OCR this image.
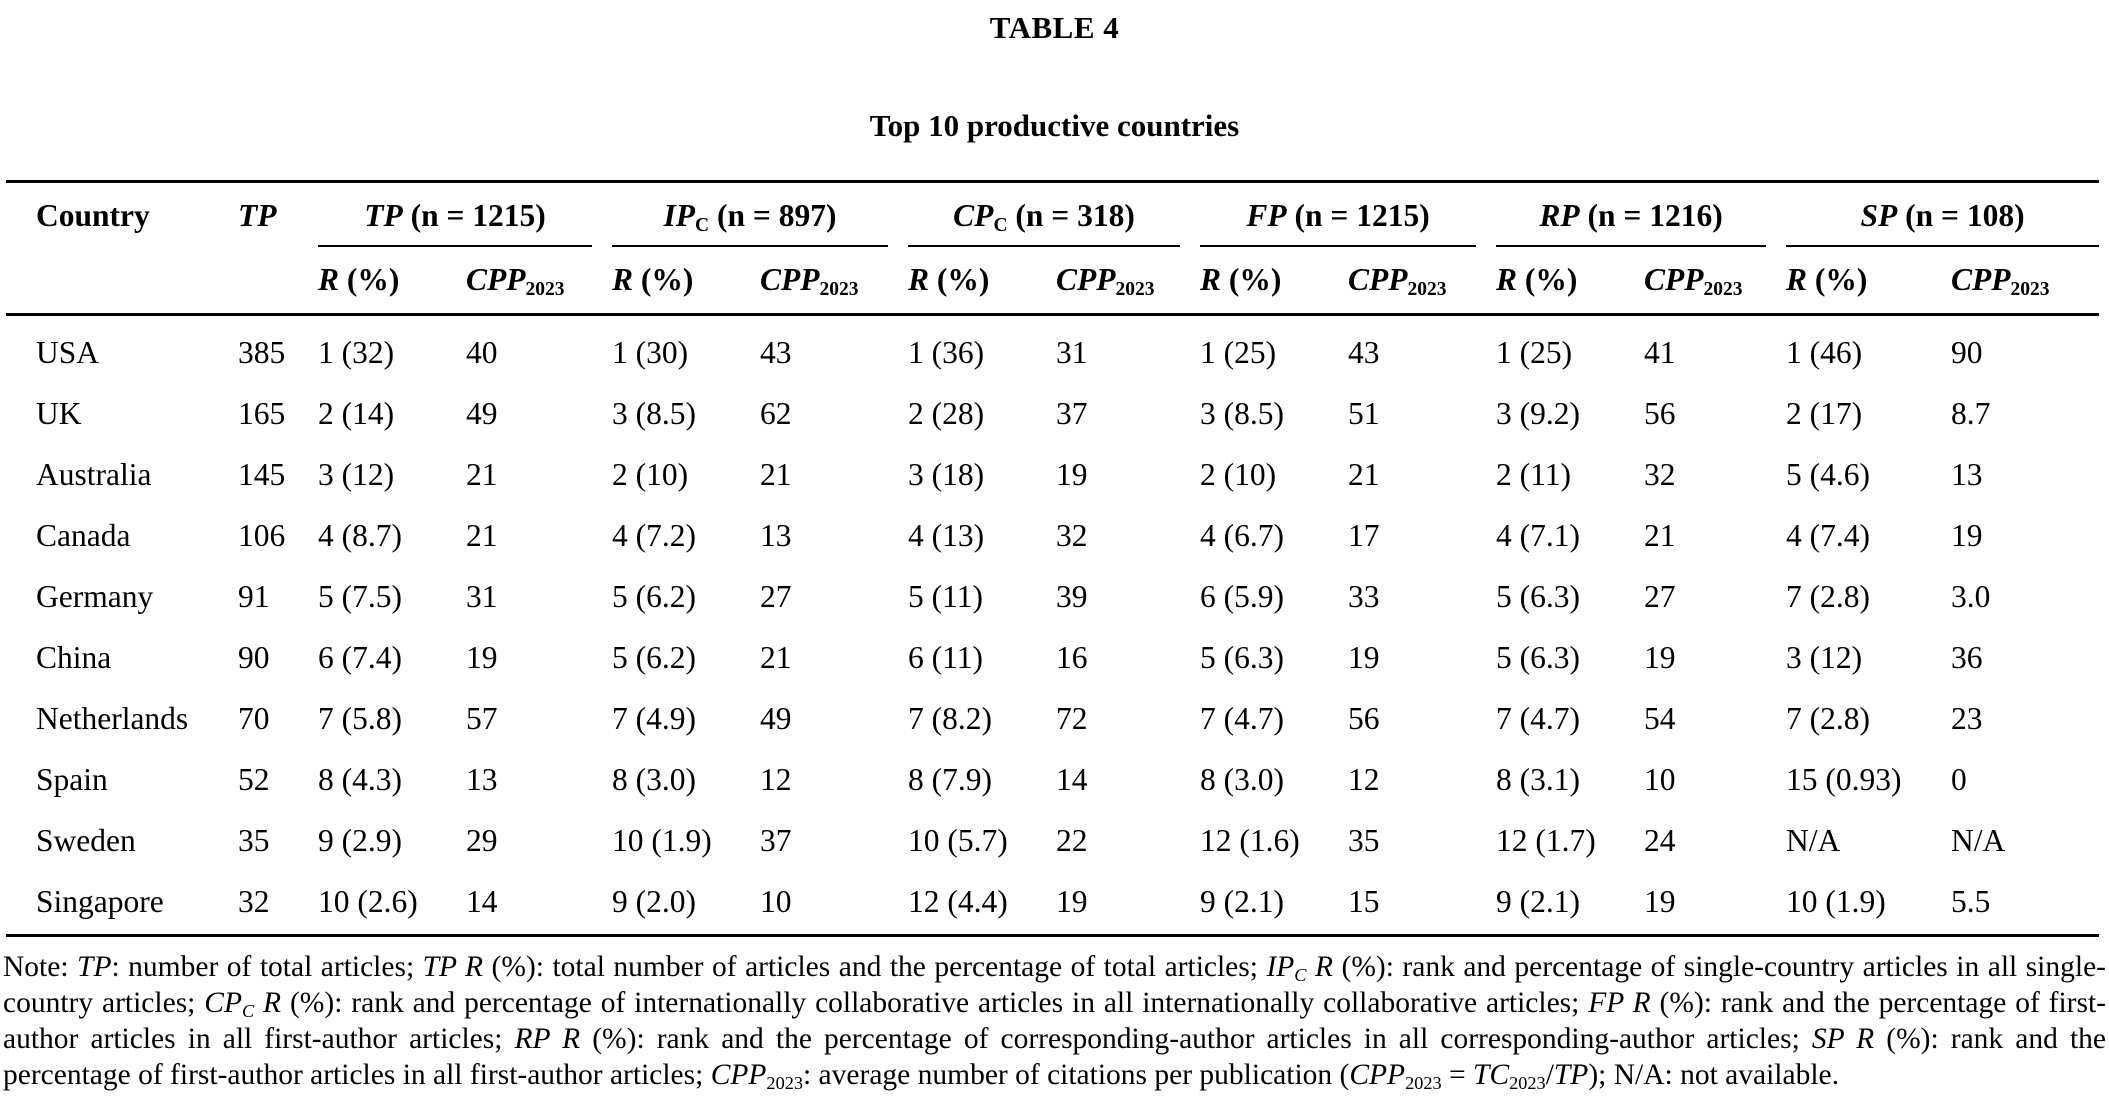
TABLE 4
Top 10 productive countries
Country	TP	TP (n = 1215)		$IP_C$ (n = 897)		$CP_C$ (n = 318)		FP (n = 1215)		RP (n = 1216)		SP (n = 108)	

		R (%)	$CPP_{2023}$	R (%)	$CPP_{2023}$	R (%)	$CPP_{2023}$	R (%)	$CPP_{2023}$	R (%)	$CPP_{2023}$	R (%)	$CPP_{2023}$
USA	385	1 (32)	40	1 (30)	43	1 (36)	31	1 (25)	43	1 (25)	41	1 (46)	90
UK	165	2 (14)	49	3 (8.5)	62	2 (28)	37	3 (8.5)	51	3 (9.2)	56	2 (17)	8.7
Australia	145	3 (12)	21	2 (10)	21	3 (18)	19	2 (10)	21	2 (11)	32	5 (4.6)	13
Canada	106	4 (8.7)	21	4 (7.2)	13	4 (13)	32	4 (6.7)	17	4 (7.1)	21	4 (7.4)	19
Germany	91	5 (7.5)	31	5 (6.2)	27	5 (11)	39	6 (5.9)	33	5 (6.3)	27	7 (2.8)	3.0
China	90	6 (7.4)	19	5 (6.2)	21	6 (11)	16	5 (6.3)	19	5 (6.3)	19	3 (12)	36
Netherlands	70	7 (5.8)	57	7 (4.9)	49	7 (8.2)	72	7 (4.7)	56	7 (4.7)	54	7 (2.8)	23
Spain	52	8 (4.3)	13	8 (3.0)	12	8 (7.9)	14	8 (3.0)	12	8 (3.1)	10	15 (0.93)	0
Sweden	35	9 (2.9)	29	10 (1.9)	37	10 (5.7)	22	12 (1.6)	35	12 (1.7)	24	N/A	N/A
Singapore	32	10 (2.6)	14	9 (2.0)	10	12 (4.4)	19	9 (2.1)	15	9 (2.1)	19	10 (1.9)	5.5

Note: TP: number of total articles; TP R (%): total number of articles and the percentage of total articles; $IP_C$ R (%): rank and percentage of single-country articles in all single-country articles; $CP_C$ R (%): rank and percentage of internationally collaborative articles in all internationally collaborative articles; FP R (%): rank and the percentage of first-author articles in all first-author articles; RP R (%): rank and the percentage of corresponding-author articles in all corresponding-author articles; SP R (%): rank and the percentage of first-author articles in all first-author articles; $CPP_{2023}$: average number of citations per publication $(CPP_{2023} = TC_{2023}/TP)$; N/A: not available.
